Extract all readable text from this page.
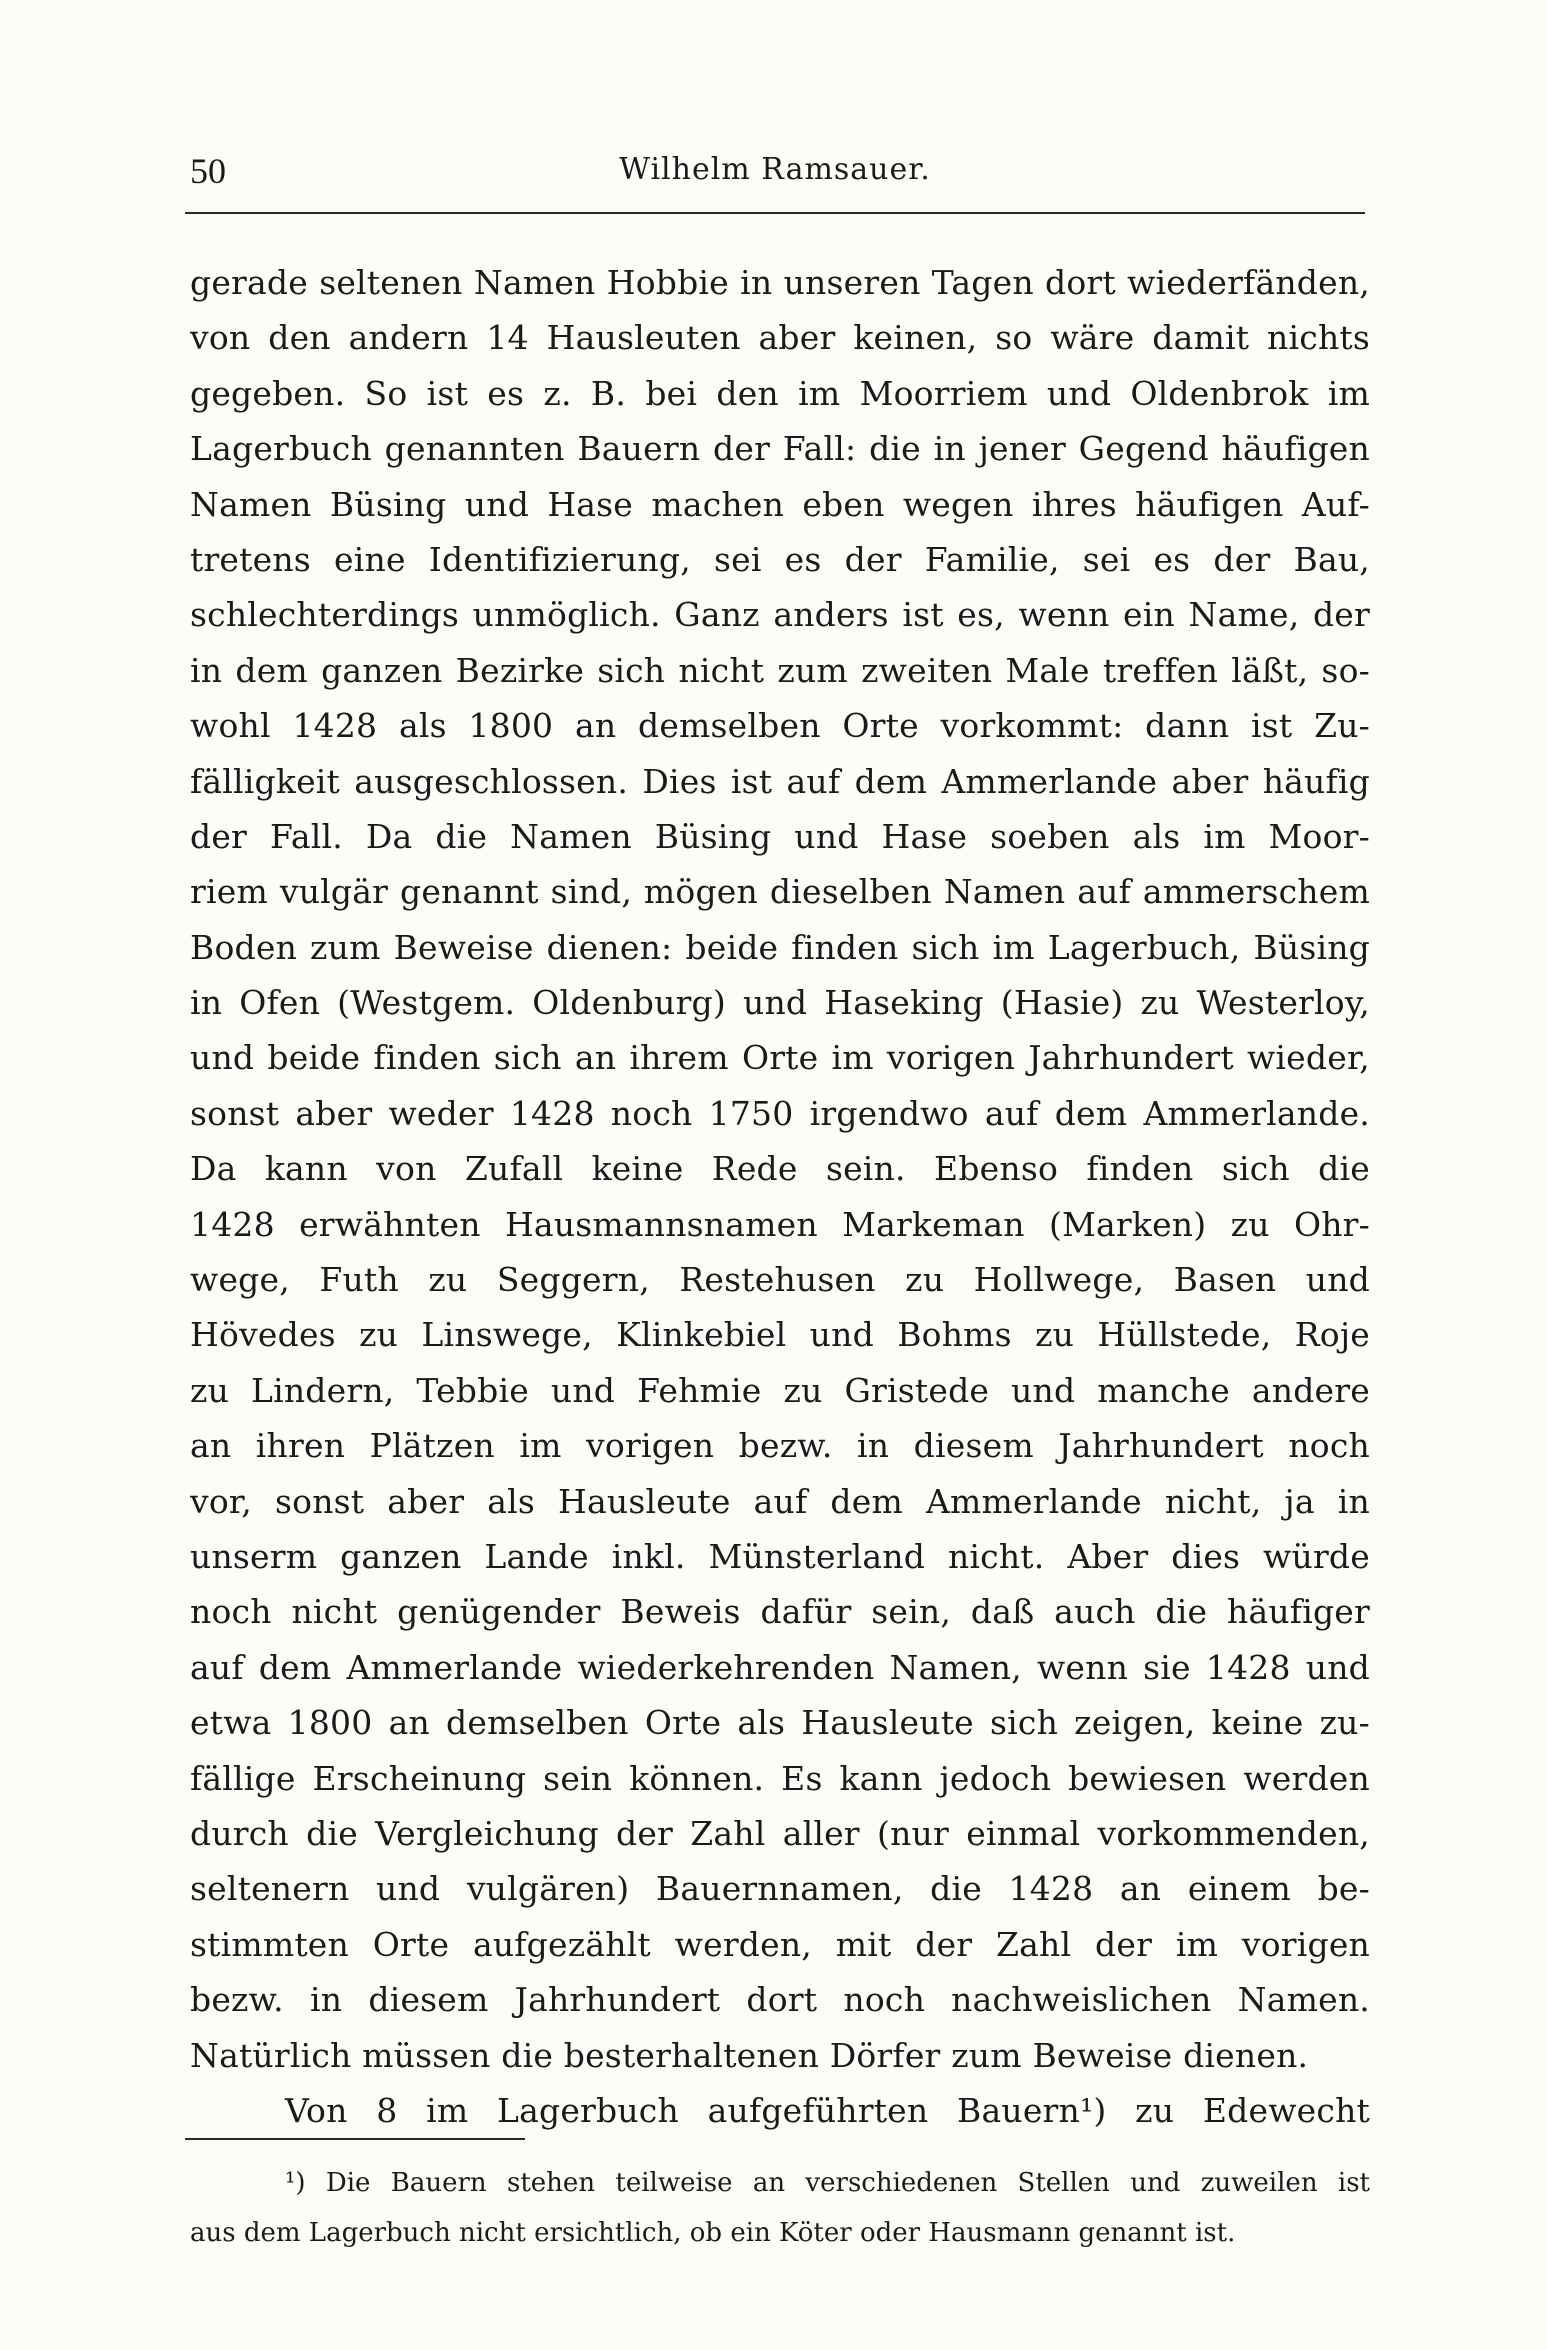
50	Wilhelm Ramsauer.
gerade seltenen Namen Hobbie in unseren Tagen dort wiederfänden,
von den andern 14 Hausleuten aber keinen, so wäre damit nichts
gegeben. So ist es z. B. bei den im Moorriem und Oldenbrok im
Lagerbuch genannten Bauern der Fall: die in jener Gegend häufigen
Namen Büsing und Hase machen eben wegen ihres häufigen Auf-
tretens eine Identifizierung, sei es der Familie, sei es der Bau,
schlechterdings unmöglich. Ganz anders ist es, wenn ein Name, der
in dem ganzen Bezirke sich nicht zum zweiten Male treffen läßt, so-
wohl 1428 als 1800 an demselben Orte vorkommt: dann ist Zu-
fälligkeit ausgeschlossen. Dies ist auf dem Ammerlande aber häufig
der Fall. Da die Namen Büsing und Hase soeben als im Moor-
riem vulgär genannt sind, mögen dieselben Namen auf ammerschem
Boden zum Beweise dienen: beide finden sich im Lagerbuch, Büsing
in Ofen (Westgem. Oldenburg) und Haseking (Hasie) zu Westerloy,
und beide finden sich an ihrem Orte im vorigen Jahrhundert wieder,
sonst aber weder 1428 noch 1750 irgendwo auf dem Ammerlande.
Da kann von Zufall keine Rede sein. Ebenso finden sich die
1428 erwähnten Hausmannsnamen Markeman (Marken) zu Ohr-
wege, Futh zu Seggern, Restehusen zu Hollwege, Basen und
Hövedes zu Linswege, Klinkebiel und Bohms zu Hüllstede, Roje
zu Lindern, Tebbie und Fehmie zu Gristede und manche andere
an ihren Plätzen im vorigen bezw. in diesem Jahrhundert noch
vor, sonst aber als Hausleute auf dem Ammerlande nicht, ja in
unserm ganzen Lande inkl. Münsterland nicht. Aber dies würde
noch nicht genügender Beweis dafür sein, daß auch die häufiger
auf dem Ammerlande wiederkehrenden Namen, wenn sie 1428 und
etwa 1800 an demselben Orte als Hausleute sich zeigen, keine zu-
fällige Erscheinung sein können. Es kann jedoch bewiesen werden
durch die Vergleichung der Zahl aller (nur einmal vorkommenden,
seltenern und vulgären) Bauernnamen, die 1428 an einem be-
stimmten Orte aufgezählt werden, mit der Zahl der im vorigen
bezw. in diesem Jahrhundert dort noch nachweislichen Namen.
Natürlich müssen die besterhaltenen Dörfer zum Beweise dienen.
Von 8 im Lagerbuch aufgeführten Bauern¹) zu Edewecht
¹) Die Bauern stehen teilweise an verschiedenen Stellen und zuweilen ist
aus dem Lagerbuch nicht ersichtlich, ob ein Köter oder Hausmann genannt ist.
